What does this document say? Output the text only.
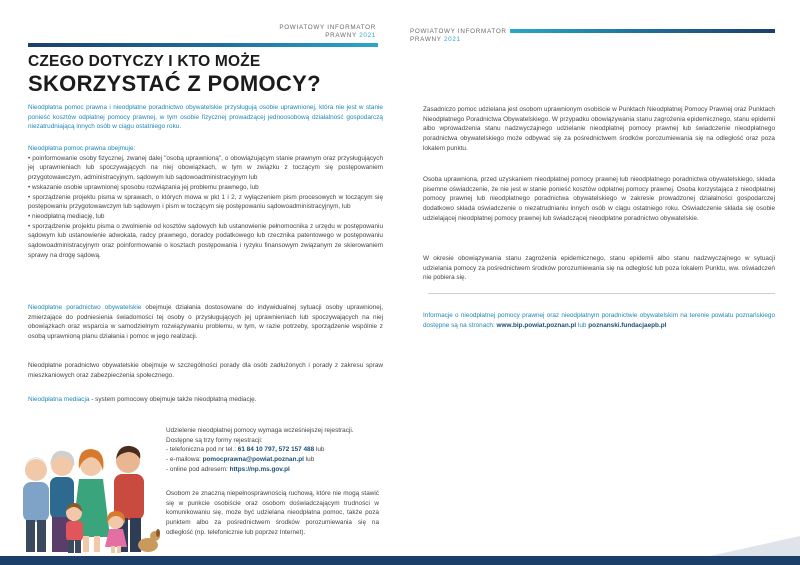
POWIATOWY INFORMATOR
PRAWNY 2021
CZEGO DOTYCZY I KTO MOŻE
SKORZYSTAĆ Z POMOCY?
Nieodpłatna pomoc prawna i nieodpłatne poradnictwo obywatelskie przysługują osobie uprawnionej, która nie jest w stanie ponieść kosztów odpłatnej pomocy prawnej, w tym osobie fizycznej prowadzącej jednoosobową działalność gospodarczą niezatrudniającą innych osób w ciągu ostatniego roku.

Nieodpłatna pomoc prawna obejmuje:

• poinformowanie osoby fizycznej, zwanej dalej "osobą uprawnioną", o obowiązującym stanie prawnym oraz przysługujących jej uprawnieniach lub spoczywających na niej obowiązkach, w tym w związku z toczącym się postępowaniem przygotowawczym, administracyjnym, sądowym lub sądowoadministracyjnym lub

• wskazanie osobie uprawnionej sposobu rozwiązania jej problemu prawnego, lub

• sporządzenie projektu pisma w sprawach, o których mowa w pkt 1 i 2, z wyłączeniem pism procesowych w toczącym się postępowaniu przygotowawczym lub sądowym i pism w toczącym się postępowaniu sądowoadministracyjnym, lub

• nieodpłatną mediację, lub

• sporządzenie projektu pisma o zwolnienie od kosztów sądowych lub ustanowienie pełnomocnika z urzędu w postępowaniu sądowym lub ustanowienie adwokata, radcy prawnego, doradcy podatkowego lub rzecznika patentowego w postępowaniu sądowoadministracyjnym oraz poinformowanie o kosztach postępowania i ryzyku finansowym związanym ze skierowaniem sprawy na drogę sądową.

Nieodpłatne poradnictwo obywatelskie obejmuje działania dostosowane do indywidualnej sytuacji osoby uprawnionej, zmierzające do podniesienia świadomości tej osoby o przysługujących jej uprawnieniach lub spoczywających na niej obowiązkach oraz wsparcia w samodzielnym rozwiązywaniu problemu, w tym, w razie potrzeby, sporządzenie wspólnie z osobą uprawnioną planu działania i pomoc w jego realizacji.
Nieodpłatne poradnictwo obywatelskie obejmuje w szczególności porady dla osób zadłużonych i porady z zakresu spraw mieszkaniowych oraz zabezpieczenia społecznego.
Nieodpłatna mediacja - system pomocowy obejmuje także nieodpłatną mediację.

Udzielenie nieodpłatnej pomocy wymaga wcześniejszej rejestracji.

Dostępne są trzy formy rejestracji:

- telefoniczna pod nr tel.: 61 84 10 797, 572 157 488 lub

- e-mailowa: pomocprawna@powiat.poznan.pl lub

- online pod adresem: https://np.ms.gov.pl

Osobom ze znaczną niepełnosprawnością ruchową, które nie mogą stawić się w punkcie osobiście oraz osobom doświadczającym trudności w komunikowaniu się, może być udzielana nieodpłatna pomoc, także poza punktem albo za pośrednictwem środków porozumiewania się na odległość (np. telefonicznie lub poprzez Internet).
POWIATOWY INFORMATOR
PRAWNY 2021
Zasadniczo pomoc udzielana jest osobom uprawnionym osobiście w Punktach Nieodpłatnej Pomocy Prawnej oraz Punktach Nieodpłatnego Poradnictwa Obywatelskiego. W przypadku obowiązywania stanu zagrożenia epidemicznego, stanu epidemii albo wprowadzenia stanu nadzwyczajnego udzielanie nieodpłatnej pomocy prawnej lub świadczenie nieodpłatnego poradnictwa obywatelskiego może odbywać się za pośrednictwem środków porozumiewania się na odległość oraz poza lokalem punktu.
Osoba uprawniona, przed uzyskaniem nieodpłatnej pomocy prawnej lub nieodpłatnego poradnictwa obywatelskiego, składa pisemne oświadczenie, że nie jest w stanie ponieść kosztów odpłatnej pomocy prawnej. Osoba korzystająca z nieodpłatnej pomocy prawnej lub nieodpłatnego poradnictwa obywatelskiego w zakresie prowadzonej działalności gospodarczej dodatkowo składa oświadczenie o niezatrudnianiu innych osób w ciągu ostatniego roku. Oświadczenie składa się osobie udzielającej nieodpłatnej pomocy prawnej lub świadczącej nieodpłatne poradnictwo obywatelskie.
W okresie obowiązywania stanu zagrożenia epidemicznego, stanu epidemii albo stanu nadzwyczajnego w sytuacji udzielania pomocy za pośrednictwem środków porozumiewania się na odległość lub poza lokalem Punktu, ww. oświadczeń nie pobiera się.
Informacje o nieodpłatnej pomocy prawnej oraz nieodpłatnym poradnictwie obywatelskim na terenie powiatu poznańskiego dostępne są na stronach: www.bip.powiat.poznan.pl lub poznanski.fundacjaepb.pl
